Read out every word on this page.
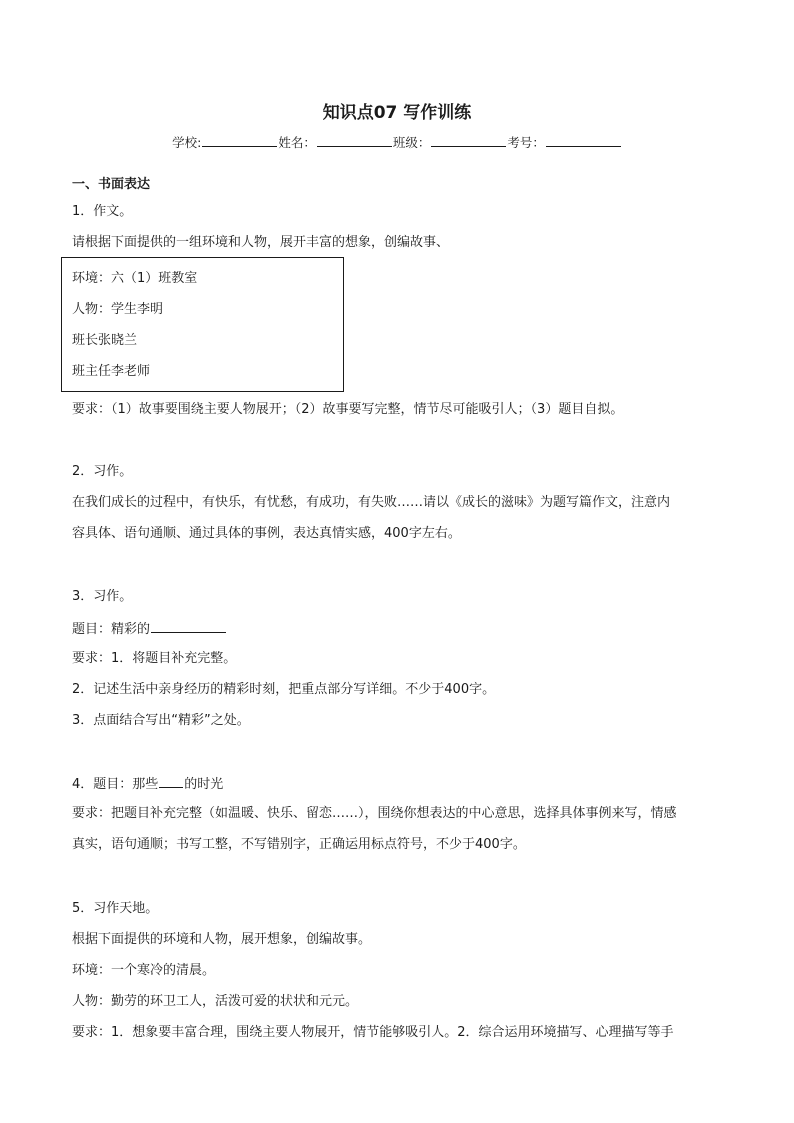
知识点07 写作训练
学校:	姓名：	班级：	考号：
一、书面表达
1．作文。
请根据下面提供的一组环境和人物，展开丰富的想象，创编故事、
环境：六（1）班教室
人物：学生李明
班长张晓兰
班主任李老师
要求：（1）故事要围绕主要人物展开；（2）故事要写完整，情节尽可能吸引人；（3）题目自拟。
2．习作。
在我们成长的过程中，有快乐，有忧愁，有成功，有失败……请以《成长的滋味》为题写篇作文，注意内
容具体、语句通顺、通过具体的事例，表达真情实感，400字左右。
3．习作。
题目：精彩的
要求：1．将题目补充完整。
2．记述生活中亲身经历的精彩时刻，把重点部分写详细。不少于400字。
3．点面结合写出“精彩”之处。
4．题目：那些 的时光
要求：把题目补充完整（如温暖、快乐、留恋……），围绕你想表达的中心意思，选择具体事例来写，情感
真实，语句通顺；书写工整，不写错别字，正确运用标点符号，不少于400字。
5．习作天地。
根据下面提供的环境和人物，展开想象，创编故事。
环境：一个寒冷的清晨。
人物：勤劳的环卫工人，活泼可爱的状状和元元。
要求：1．想象要丰富合理，围绕主要人物展开，情节能够吸引人。2．综合运用环境描写、心理描写等手
